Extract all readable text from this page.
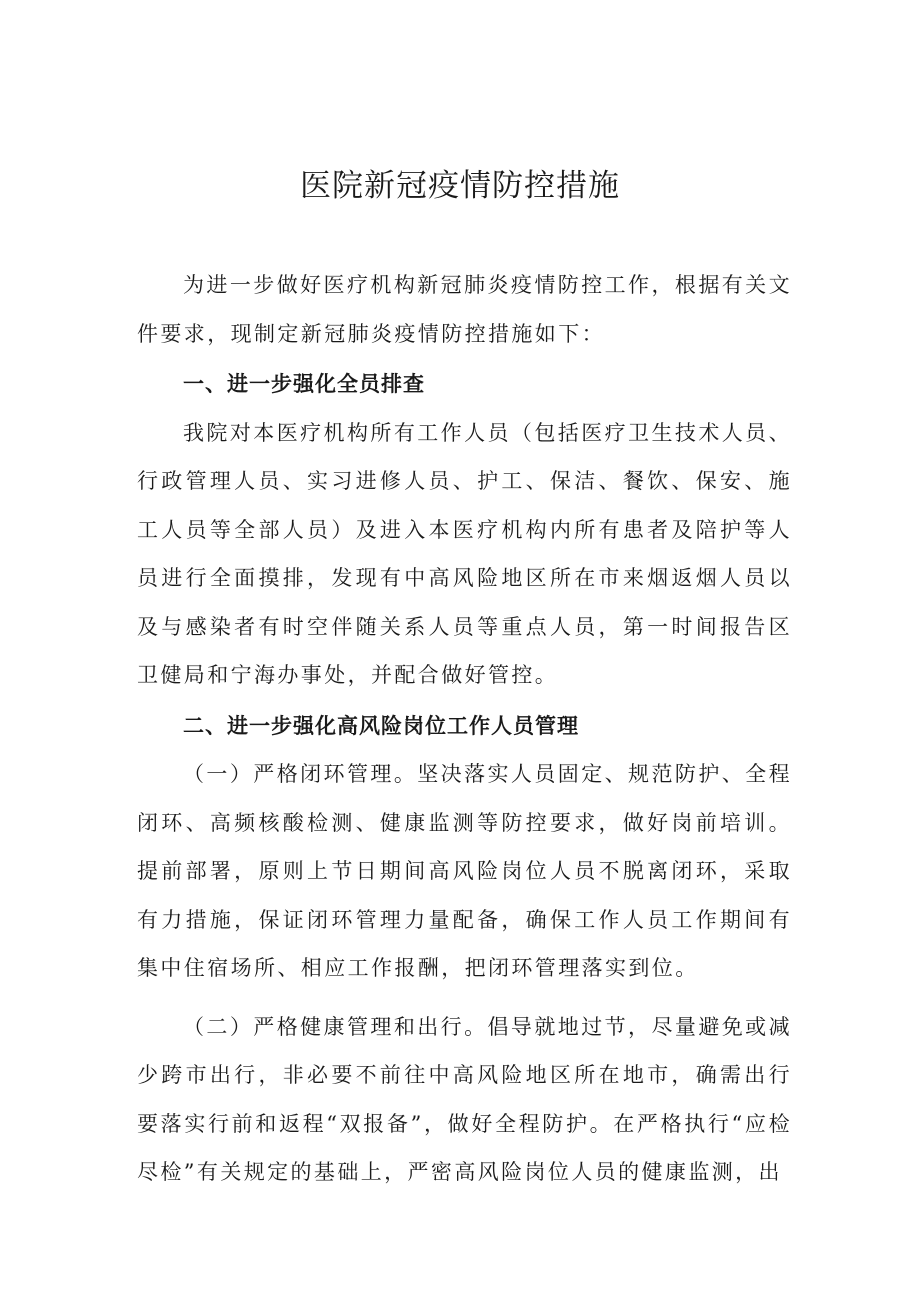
医院新冠疫情防控措施

为进一步做好医疗机构新冠肺炎疫情防控工作，根据有关文件要求，现制定新冠肺炎疫情防控措施如下：

一、进一步强化全员排查

我院对本医疗机构所有工作人员（包括医疗卫生技术人员、行政管理人员、实习进修人员、护工、保洁、餐饮、保安、施工人员等全部人员）及进入本医疗机构内所有患者及陪护等人员进行全面摸排，发现有中高风险地区所在市来烟返烟人员以及与感染者有时空伴随关系人员等重点人员，第一时间报告区卫健局和宁海办事处，并配合做好管控。

二、进一步强化高风险岗位工作人员管理

（一）严格闭环管理。坚决落实人员固定、规范防护、全程闭环、高频核酸检测、健康监测等防控要求，做好岗前培训。提前部署，原则上节日期间高风险岗位人员不脱离闭环，采取有力措施，保证闭环管理力量配备，确保工作人员工作期间有集中住宿场所、相应工作报酬，把闭环管理落实到位。

（二）严格健康管理和出行。倡导就地过节，尽量避免或减少跨市出行，非必要不前往中高风险地区所在地市，确需出行要落实行前和返程“双报备”，做好全程防护。在严格执行“应检尽检”有关规定的基础上，严密高风险岗位人员的健康监测，出
